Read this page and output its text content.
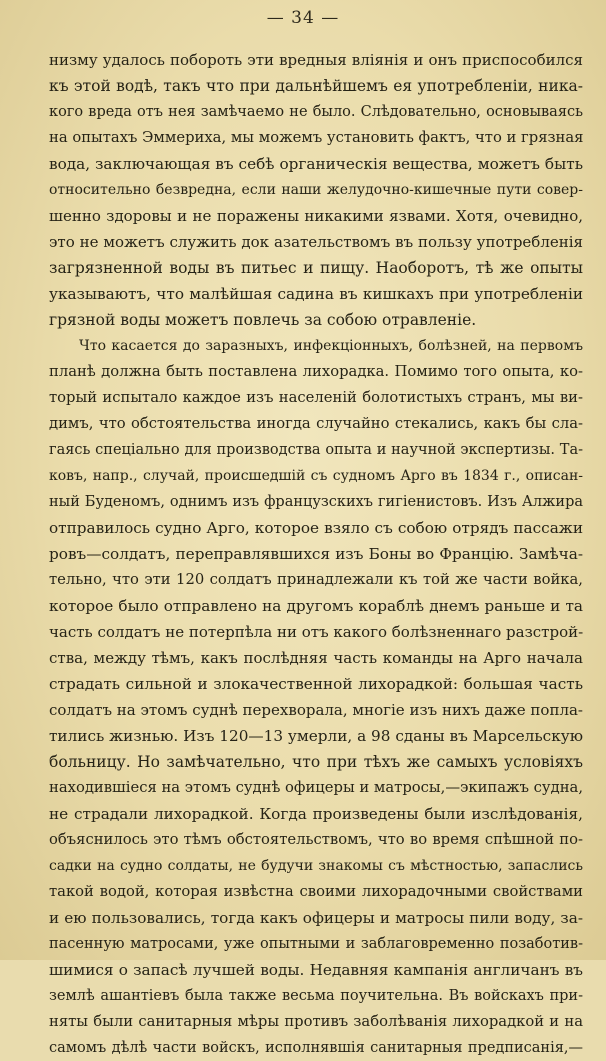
— 34 —
низму удалось побороть эти вредныя вліянія и онъ приспособился
къ этой водѣ, такъ что при дальнѣйшемъ ея употребленіи, ника-
кого вреда отъ нея замѣчаемо не было. Слѣдовательно, основываясь
на опытахъ Эммериха, мы можемъ установить фактъ, что и грязная
вода, заключающая въ себѣ органическія вещества, можетъ быть
относительно безвредна, если наши желудочно-кишечные пути совер-
шенно здоровы и не поражены никакими язвами. Хотя, очевидно,
это не можетъ служить док азательствомъ въ пользу употребленія
загрязненной воды въ питьес и пищу. Наоборотъ, тѣ же опыты
указываютъ, что малѣйшая садина въ кишкахъ при употребленіи
грязной воды можетъ повлечь за собою отравленіе.
Что касается до заразныхъ, инфекціонныхъ, болѣзней, на первомъ
планѣ должна быть поставлена лихорадка. Помимо того опыта, ко-
торый испытало каждое изъ населеній болотистыхъ странъ, мы ви-
димъ, что обстоятельства иногда случайно стекались, какъ бы сла-
гаясь спеціально для производства опыта и научной экспертизы. Та-
ковъ, напр., случай, происшедшій съ судномъ Арго въ 1834 г., описан-
ный Буденомъ, однимъ изъ французскихъ гигіенистовъ. Изъ Алжира
отправилось судно Арго, которое взяло съ собою отрядъ пассажи
ровъ—солдатъ, переправлявшихся изъ Боны во Францію. Замѣча-
тельно, что эти 120 солдатъ принадлежали къ той же части войка,
которое было отправлено на другомъ кораблѣ днемъ раньше и та
часть солдатъ не потерпѣла ни отъ какого болѣзненнаго разстрой-
ства, между тѣмъ, какъ послѣдняя часть команды на Арго начала
страдать сильной и злокачественной лихорадкой: большая часть
солдатъ на этомъ суднѣ перехворала, многіе изъ нихъ даже попла-
тились жизнью. Изъ 120—13 умерли, а 98 сданы въ Марсельскую
больницу. Но замѣчательно, что при тѣхъ же самыхъ условіяхъ
находившіеся на этомъ суднѣ офицеры и матросы,—экипажъ судна,
не страдали лихорадкой. Когда произведены были изслѣдованія,
объяснилось это тѣмъ обстоятельствомъ, что во время спѣшной по-
садки на судно солдаты, не будучи знакомы съ мѣстностью, запаслись
такой водой, которая извѣстна своими лихорадочными свойствами
и ею пользовались, тогда какъ офицеры и матросы пили воду, за-
пасенную матросами, уже опытными и заблаговременно позаботив-
шимися о запасѣ лучшей воды. Недавняя кампанія англичанъ въ
землѣ ашантіевъ была также весьма поучительна. Въ войскахъ при-
няты были санитарныя мѣры противъ заболѣванія лихорадкой и на
самомъ дѣлѣ части войскъ, исполнявшія санитарныя предписанія,—
